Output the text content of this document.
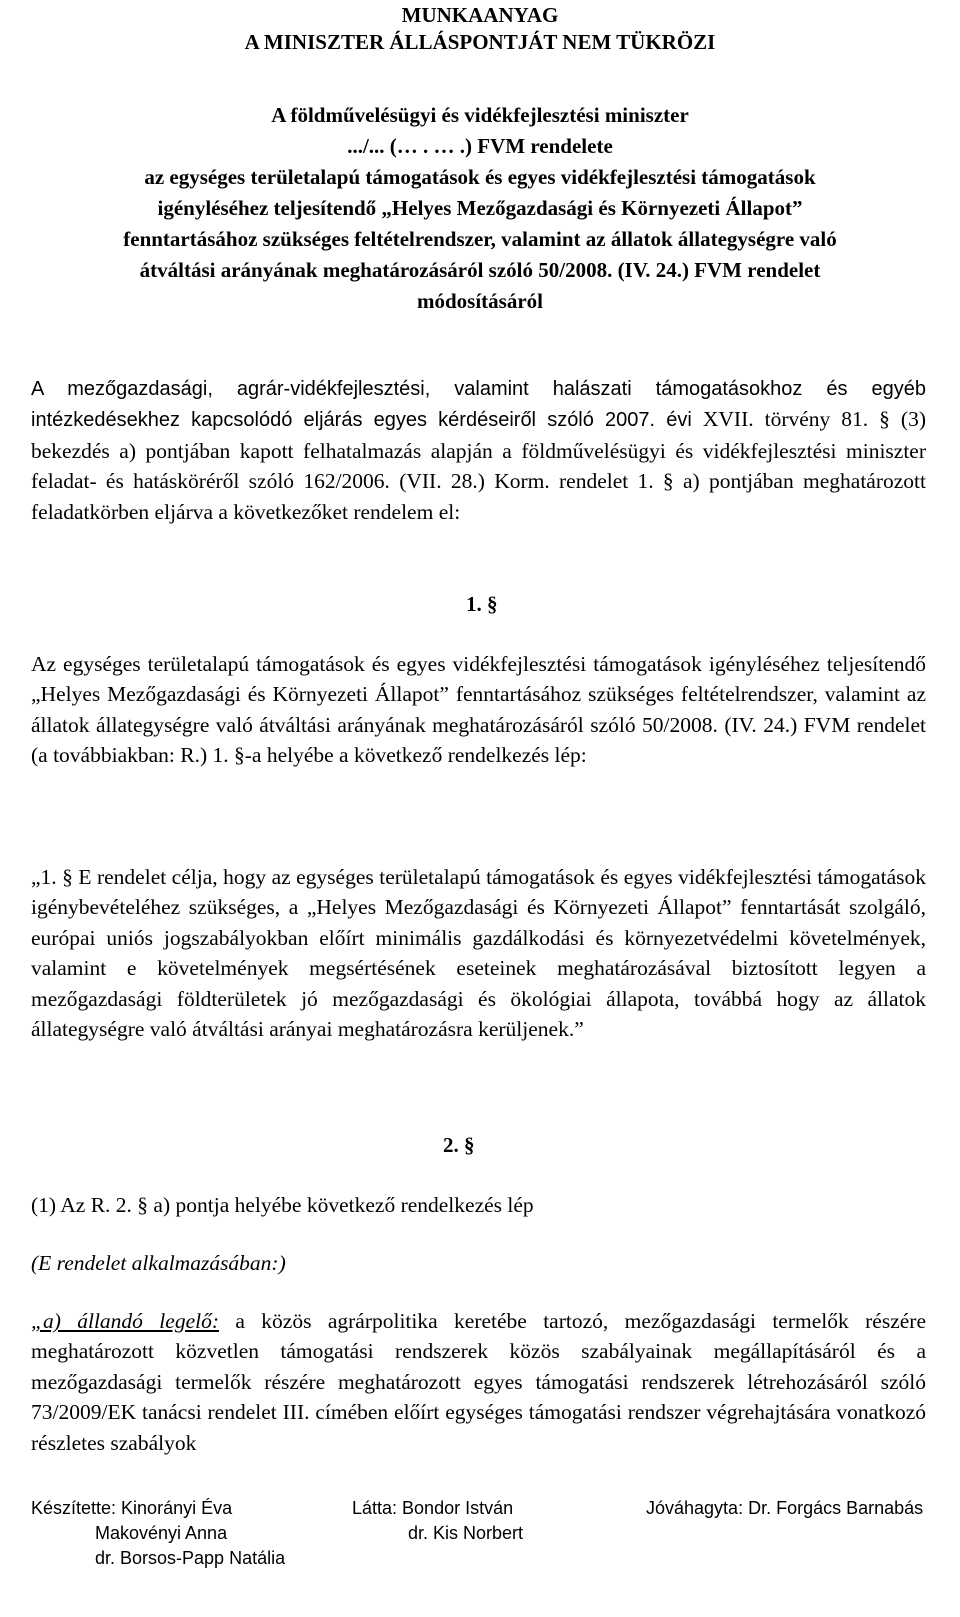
MUNKAANYAG
A MINISZTER ÁLLÁSPONTJÁT NEM TÜKRÖZI
A földművelésügyi és vidékfejlesztési miniszter
.../... (… . … .) FVM rendelete
az egységes területalapú támogatások és egyes vidékfejlesztési támogatások
igényléséhez teljesítendő „Helyes Mezőgazdasági és Környezeti Állapot”
fenntartásához szükséges feltételrendszer, valamint az állatok állategységre való
átváltási arányának meghatározásáról szóló 50/2008. (IV. 24.) FVM rendelet
módosításáról
A mezőgazdasági, agrár-vidékfejlesztési, valamint halászati támogatásokhoz és egyéb intézkedésekhez kapcsolódó eljárás egyes kérdéseiről szóló 2007. évi XVII. törvény 81. § (3) bekezdés a) pontjában kapott felhatalmazás alapján a földművelésügyi és vidékfejlesztési miniszter feladat- és hatásköréről szóló 162/2006. (VII. 28.) Korm. rendelet 1. § a) pontjában meghatározott feladatkörben eljárva a következőket rendelem el:
1. §
Az egységes területalapú támogatások és egyes vidékfejlesztési támogatások igényléséhez teljesítendő „Helyes Mezőgazdasági és Környezeti Állapot” fenntartásához szükséges feltételrendszer, valamint az állatok állategységre való átváltási arányának meghatározásáról szóló 50/2008. (IV. 24.) FVM rendelet (a továbbiakban: R.) 1. §-a helyébe a következő rendelkezés lép:
„1. § E rendelet célja, hogy az egységes területalapú támogatások és egyes vidékfejlesztési támogatások igénybevételéhez szükséges, a „Helyes Mezőgazdasági és Környezeti Állapot” fenntartását szolgáló, európai uniós jogszabályokban előírt minimális gazdálkodási és környezetvédelmi követelmények, valamint e követelmények megsértésének eseteinek meghatározásával biztosított legyen a mezőgazdasági földterületek jó mezőgazdasági és ökológiai állapota, továbbá hogy az állatok állategységre való átváltási arányai meghatározásra kerüljenek.”
2. §
(1) Az R. 2. § a) pontja helyébe következő rendelkezés lép
(E rendelet alkalmazásában:)
„a) állandó legelő: a közös agrárpolitika keretébe tartozó, mezőgazdasági termelők részére meghatározott közvetlen támogatási rendszerek közös szabályainak megállapításáról és a mezőgazdasági termelők részére meghatározott egyes támogatási rendszerek létrehozásáról szóló 73/2009/EK tanácsi rendelet III. címében előírt egységes támogatási rendszer végrehajtására vonatkozó részletes szabályok
Készítette: Kinorányi Éva
Makovényi Anna
dr. Borsos-Papp Natália
Látta: Bondor István
dr. Kis Norbert
Jóváhagyta: Dr. Forgács Barnabás
